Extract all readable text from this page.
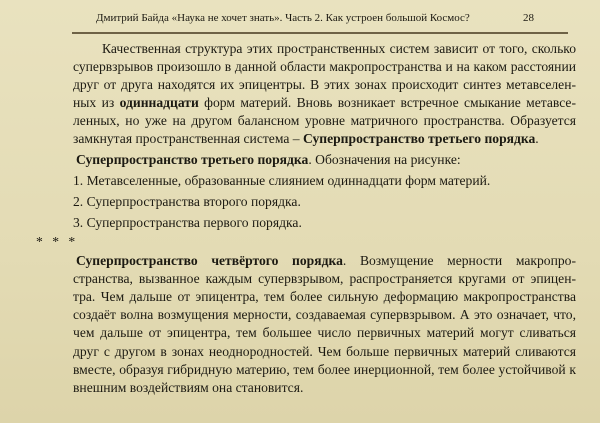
Дмитрий Байда «Наука не хочет знать». Часть 2. Как устроен большой Космос?	28

Качественная структура этих пространственных систем зависит от того, сколько

супервзрывов произошло в данной области макропространства и на каком расстоянии

друг от друга находятся их эпицентры. В этих зонах происходит синтез метавселен-

ных из одиннадцати форм материй. Вновь возникает встречное смыкание метавсе-

ленных, но уже на другом балансном уровне матричного пространства. Образуется

замкнутая пространственная система – Суперпространство третьего порядка.

Суперпространство третьего порядка. Обозначения на рисунке:

1. Метавселенные, образованные слиянием одиннадцати форм материй.

2. Суперпространства второго порядка.

3. Суперпространства первого порядка.

* * *

Суперпространство четвёртого порядка. Возмущение мерности макропро-

странства, вызванное каждым супервзрывом, распространяется кругами от эпицен-

тра. Чем дальше от эпицентра, тем более сильную деформацию макропространства

создаёт волна возмущения мерности, создаваемая супервзрывом. А это означает, что,

чем дальше от эпицентра, тем большее число первичных материй могут сливаться

друг с другом в зонах неоднородностей. Чем больше первичных материй сливаются

вместе, образуя гибридную материю, тем более инерционной, тем более устойчивой к

внешним воздействиям она становится.
